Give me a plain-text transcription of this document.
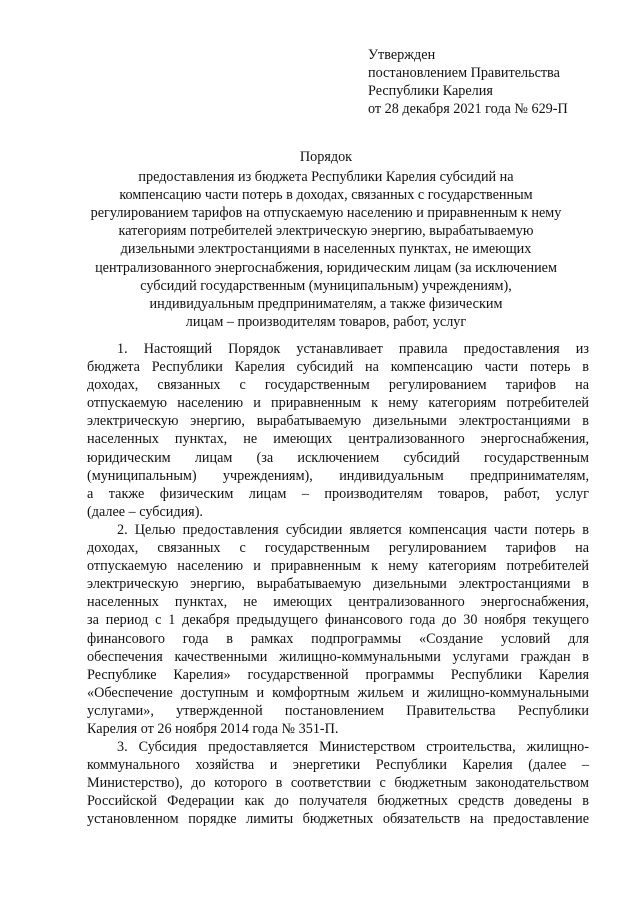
Утвержден
постановлением Правительства
Республики Карелия
от 28 декабря 2021 года № 629-П
Порядок
предоставления из бюджета Республики Карелия субсидий на
компенсацию части потерь в доходах, связанных с государственным
регулированием тарифов на отпускаемую населению и приравненным к нему
категориям потребителей электрическую энергию, вырабатываемую
дизельными электростанциями в населенных пунктах, не имеющих
централизованного энергоснабжения, юридическим лицам (за исключением
субсидий государственным (муниципальным) учреждениям),
индивидуальным предпринимателям, а также физическим
лицам – производителям товаров, работ, услуг
1. Настоящий Порядок устанавливает правила предоставления из
бюджета Республики Карелия субсидий на компенсацию части потерь в
доходах, связанных с государственным регулированием тарифов на
отпускаемую населению и приравненным к нему категориям потребителей
электрическую энергию, вырабатываемую дизельными электростанциями в
населенных пунктах, не имеющих централизованного энергоснабжения,
юридическим лицам (за исключением субсидий государственным
(муниципальным) учреждениям), индивидуальным предпринимателям,
а также физическим лицам – производителям товаров, работ, услуг
(далее – субсидия).
2. Целью предоставления субсидии является компенсация части потерь в
доходах, связанных с государственным регулированием тарифов на
отпускаемую населению и приравненным к нему категориям потребителей
электрическую энергию, вырабатываемую дизельными электростанциями в
населенных пунктах, не имеющих централизованного энергоснабжения,
за период с 1 декабря предыдущего финансового года до 30 ноября текущего
финансового года в рамках подпрограммы «Создание условий для
обеспечения качественными жилищно-коммунальными услугами граждан в
Республике Карелия» государственной программы Республики Карелия
«Обеспечение доступным и комфортным жильем и жилищно-коммунальными
услугами», утвержденной постановлением Правительства Республики
Карелия от 26 ноября 2014 года № 351-П.
3. Субсидия предоставляется Министерством строительства, жилищно-
коммунального хозяйства и энергетики Республики Карелия (далее –
Министерство), до которого в соответствии с бюджетным законодательством
Российской Федерации как до получателя бюджетных средств доведены в
установленном порядке лимиты бюджетных обязательств на предоставление
